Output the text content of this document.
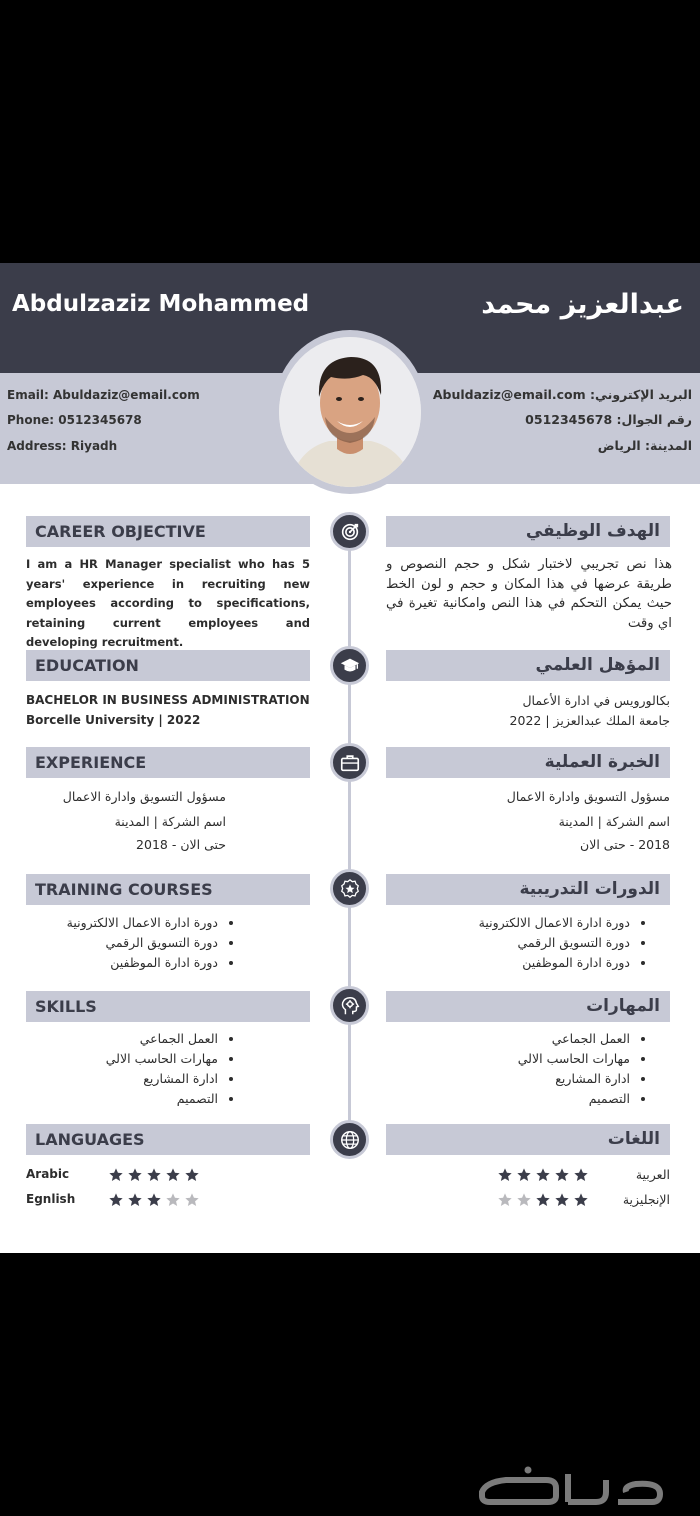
Abdulzaziz Mohammed	عبدالعزيز محمد
Email: Abuldaziz@email.com
Phone: 0512345678
Address: Riyadh
البريد الإكتروني: Abuldaziz@email.com
رقم الجوال: 0512345678
المدينة: الرياض
CAREER OBJECTIVE	الهدف الوظيفي
I am a HR Manager specialist who has 5 years' experience in recruiting new employees according to specifications, retaining current employees and developing recruitment.
هذا نص تجريبي لاختبار شكل و حجم النصوص و طريقة عرضها في هذا المكان و حجم و لون الخط حيث يمكن التحكم في هذا النص وامكانية تغيرة في اي وقت
EDUCATION	المؤهل العلمي
BACHELOR IN BUSINESS ADMINISTRATION
Borcelle University | 2022
بكالورويس في ادارة الأعمال
جامعة الملك عبدالعزيز | 2022
EXPERIENCE	الخبرة العملية
مسؤول التسويق وادارة الاعمال
اسم الشركة | المدينة
حتى الان - 2018
مسؤول التسويق وادارة الاعمال
اسم الشركة | المدينة
2018 - حتى الان
TRAINING COURSES	الدورات التدريبية
• دورة ادارة الاعمال الالكترونية
• دورة التسويق الرقمي
• دورة ادارة الموظفين
• دورة ادارة الاعمال الالكترونية
• دورة التسويق الرقمي
• دورة ادارة الموظفين
SKILLS	المهارات
• العمل الجماعي
• مهارات الحاسب الالي
• ادارة المشاريع
• التصميم
• العمل الجماعي
• مهارات الحاسب الالي
• ادارة المشاريع
• التصميم
LANGUAGES	اللغات
Arabic
Egnlish
العربية
الإنجليزية
